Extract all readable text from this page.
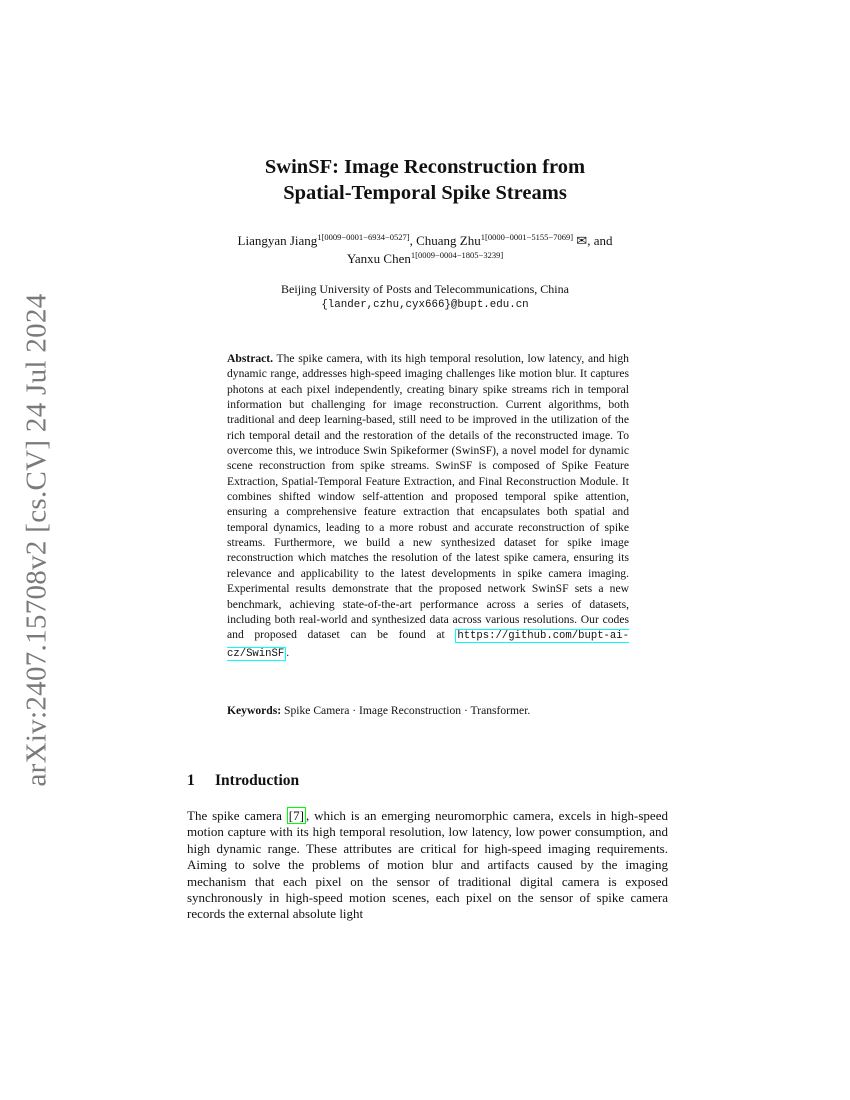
arXiv:2407.15708v2 [cs.CV] 24 Jul 2024
SwinSF: Image Reconstruction from
Spatial-Temporal Spike Streams
Liangyan Jiang$^{1[0009-0001-6934-0527]}$, Chuang Zhu$^{1[0000-0001-5155-7069]}$ ✉, and
Yanxu Chen$^{1[0009-0004-1805-3239]}$
Beijing University of Posts and Telecommunications, China
{lander,czhu,cyx666}@bupt.edu.cn
Abstract. The spike camera, with its high temporal resolution, low latency, and high dynamic range, addresses high-speed imaging challenges like motion blur. It captures photons at each pixel independently, creating binary spike streams rich in temporal information but challenging for image reconstruction. Current algorithms, both traditional and deep learning-based, still need to be improved in the utilization of the rich temporal detail and the restoration of the details of the reconstructed image. To overcome this, we introduce Swin Spikeformer (SwinSF), a novel model for dynamic scene reconstruction from spike streams. SwinSF is composed of Spike Feature Extraction, Spatial-Temporal Feature Extraction, and Final Reconstruction Module. It combines shifted window self-attention and proposed temporal spike attention, ensuring a comprehensive feature extraction that encapsulates both spatial and temporal dynamics, leading to a more robust and accurate reconstruction of spike streams. Furthermore, we build a new synthesized dataset for spike image reconstruction which matches the resolution of the latest spike camera, ensuring its relevance and applicability to the latest developments in spike camera imaging. Experimental results demonstrate that the proposed network SwinSF sets a new benchmark, achieving state-of-the-art performance across a series of datasets, including both real-world and synthesized data across various resolutions. Our codes and proposed dataset can be found at https://github.com/bupt-ai-cz/SwinSF .
Keywords: Spike Camera · Image Reconstruction · Transformer.
1 Introduction
The spike camera [7] , which is an emerging neuromorphic camera, excels in high-speed motion capture with its high temporal resolution, low latency, low power consumption, and high dynamic range. These attributes are critical for high-speed imaging requirements. Aiming to solve the problems of motion blur and artifacts caused by the imaging mechanism that each pixel on the sensor of traditional digital camera is exposed synchronously in high-speed motion scenes, each pixel on the sensor of spike camera records the external absolute light
